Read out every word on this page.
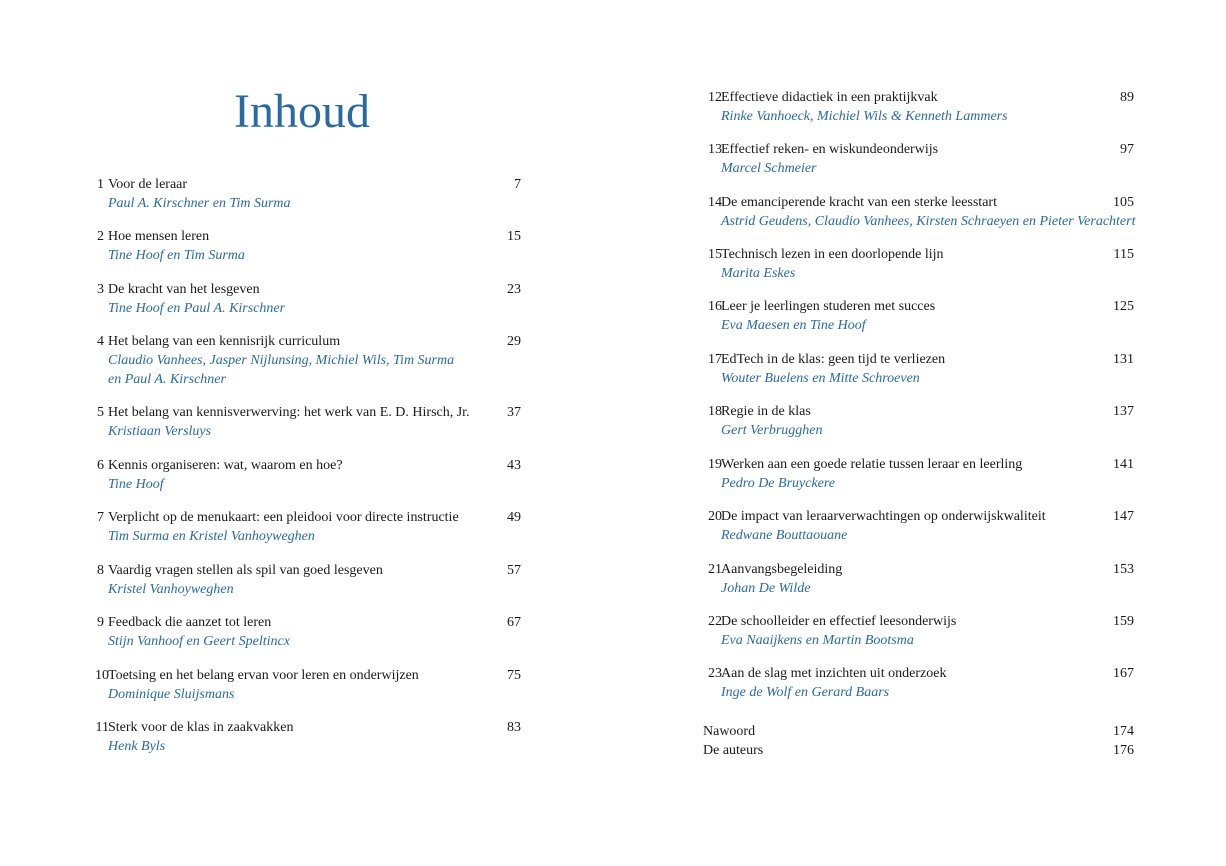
Inhoud
1 Voor de leraar	7
Paul A. Kirschner en Tim Surma
2 Hoe mensen leren	15
Tine Hoof en Tim Surma
3 De kracht van het lesgeven	23
Tine Hoof en Paul A. Kirschner
4 Het belang van een kennisrijk curriculum	29
Claudio Vanhees, Jasper Nijlunsing, Michiel Wils, Tim Surma
en Paul A. Kirschner
5 Het belang van kennisverwerving: het werk van E. D. Hirsch, Jr.	37
Kristiaan Versluys
6 Kennis organiseren: wat, waarom en hoe?	43
Tine Hoof
7 Verplicht op de menukaart: een pleidooi voor directe instructie	49
Tim Surma en Kristel Vanhoyweghen
8 Vaardig vragen stellen als spil van goed lesgeven	57
Kristel Vanhoyweghen
9 Feedback die aanzet tot leren	67
Stijn Vanhoof en Geert Speltincx
10 Toetsing en het belang ervan voor leren en onderwijzen	75
Dominique Sluijsmans
11 Sterk voor de klas in zaakvakken	83
Henk Byls
12 Effectieve didactiek in een praktijkvak	89
Rinke Vanhoeck, Michiel Wils & Kenneth Lammers
13 Effectief reken- en wiskundeonderwijs	97
Marcel Schmeier
14 De emanciperende kracht van een sterke leesstart	105
Astrid Geudens, Claudio Vanhees, Kirsten Schraeyen en Pieter Verachtert
15 Technisch lezen in een doorlopende lijn	115
Marita Eskes
16 Leer je leerlingen studeren met succes	125
Eva Maesen en Tine Hoof
17 EdTech in de klas: geen tijd te verliezen	131
Wouter Buelens en Mitte Schroeven
18 Regie in de klas	137
Gert Verbrugghen
19 Werken aan een goede relatie tussen leraar en leerling	141
Pedro De Bruyckere
20 De impact van leraarverwachtingen op onderwijskwaliteit	147
Redwane Bouttaouane
21 Aanvangsbegeleiding	153
Johan De Wilde
22 De schoolleider en effectief leesonderwijs	159
Eva Naaijkens en Martin Bootsma
23 Aan de slag met inzichten uit onderzoek	167
Inge de Wolf en Gerard Baars
Nawoord	174
De auteurs	176
